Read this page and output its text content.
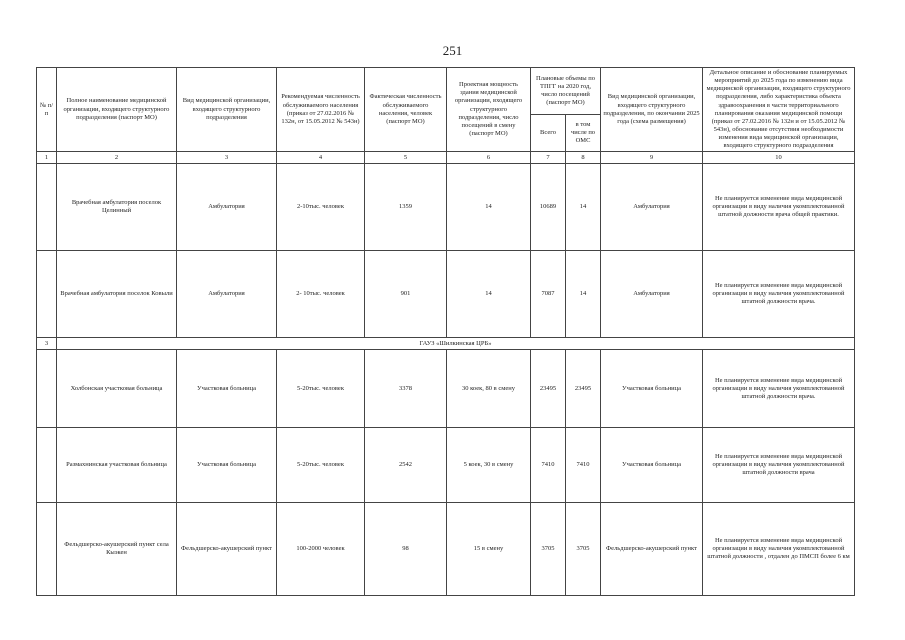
251
№ п/п	Полное наименование медицинской организации, входящего структурного подразделения (паспорт МО)	Вид медицинской организации, входящего структурного подразделения	Рекомендуемая численность обслуживаемого населения (приказ от 27.02.2016 № 132н, от 15.05.2012 № 543н)	Фактическая численность обслуживаемого населения, человек (паспорт МО)	Проектная мощность здания медицинской организации, входящего структурного подразделения, число посещений в смену (паспорт МО)	Плановые объемы по ТПГГ на 2020 год, число посещений (паспорт МО)		Вид медицинской организации, входящего структурного подразделения, по окончании 2025 года (схема размещения)	Детальное описание и обоснование планируемых мероприятий до 2025 года по изменению вида медицинской организации, входящего структурного подразделения, либо характеристика объекта здравоохранения в части территориального планирования оказания медицинской помощи (приказ от 27.02.2016 № 132н и от 15.05.2012 № 543н), обоснование отсутствия необходимости изменения вида медицинской организации, входящего структурного подразделения
						Всего	в том числе по ОМС		
1	2	3	4	5	6	7	8	9	10
	Врачебная амбулатория поселок Целинный	Амбулатория	2-10тыс. человек	1359	14	10689	14	Амбулатория	Не планируется изменение вида медицинской организации в виду наличия укомплектованной штатной должности врача общей практики.
	Врачебная амбулатория поселок Ковыли	Амбулатория	2- 10тыс. человек	901	14	7087	14	Амбулатория	Не планируется изменение вида медицинской организации в виду наличия укомплектованной штатной должности врача.
3	ГАУЗ «Шилкинская ЦРБ»								
	Холбонская участковая больница	Участковая больница	5-20тыс. человек	3378	30 коек, 80 в смену	23495	23495	Участковая больница	Не планируется изменение вида медицинской организации в виду наличия укомплектованной штатной должности врача.
	Размахнинская участковая больница	Участковая больница	5-20тыс. человек	2542	5 коек, 30 в смену	7410	7410	Участковая больница	Не планируется изменение вида медицинской организации в виду наличия укомплектованной штатной должности врача
	Фельдшерско-акушерский пункт села Кыэкен	Фельдшерско-акушерский пункт	100-2000 человек	98	15 в смену	3705	3705	Фельдшерско-акушерский пункт	Не планируется изменение вида медицинской организации в виду наличия укомплектованной штатной должности , отдален до ПМСП более 6 км
